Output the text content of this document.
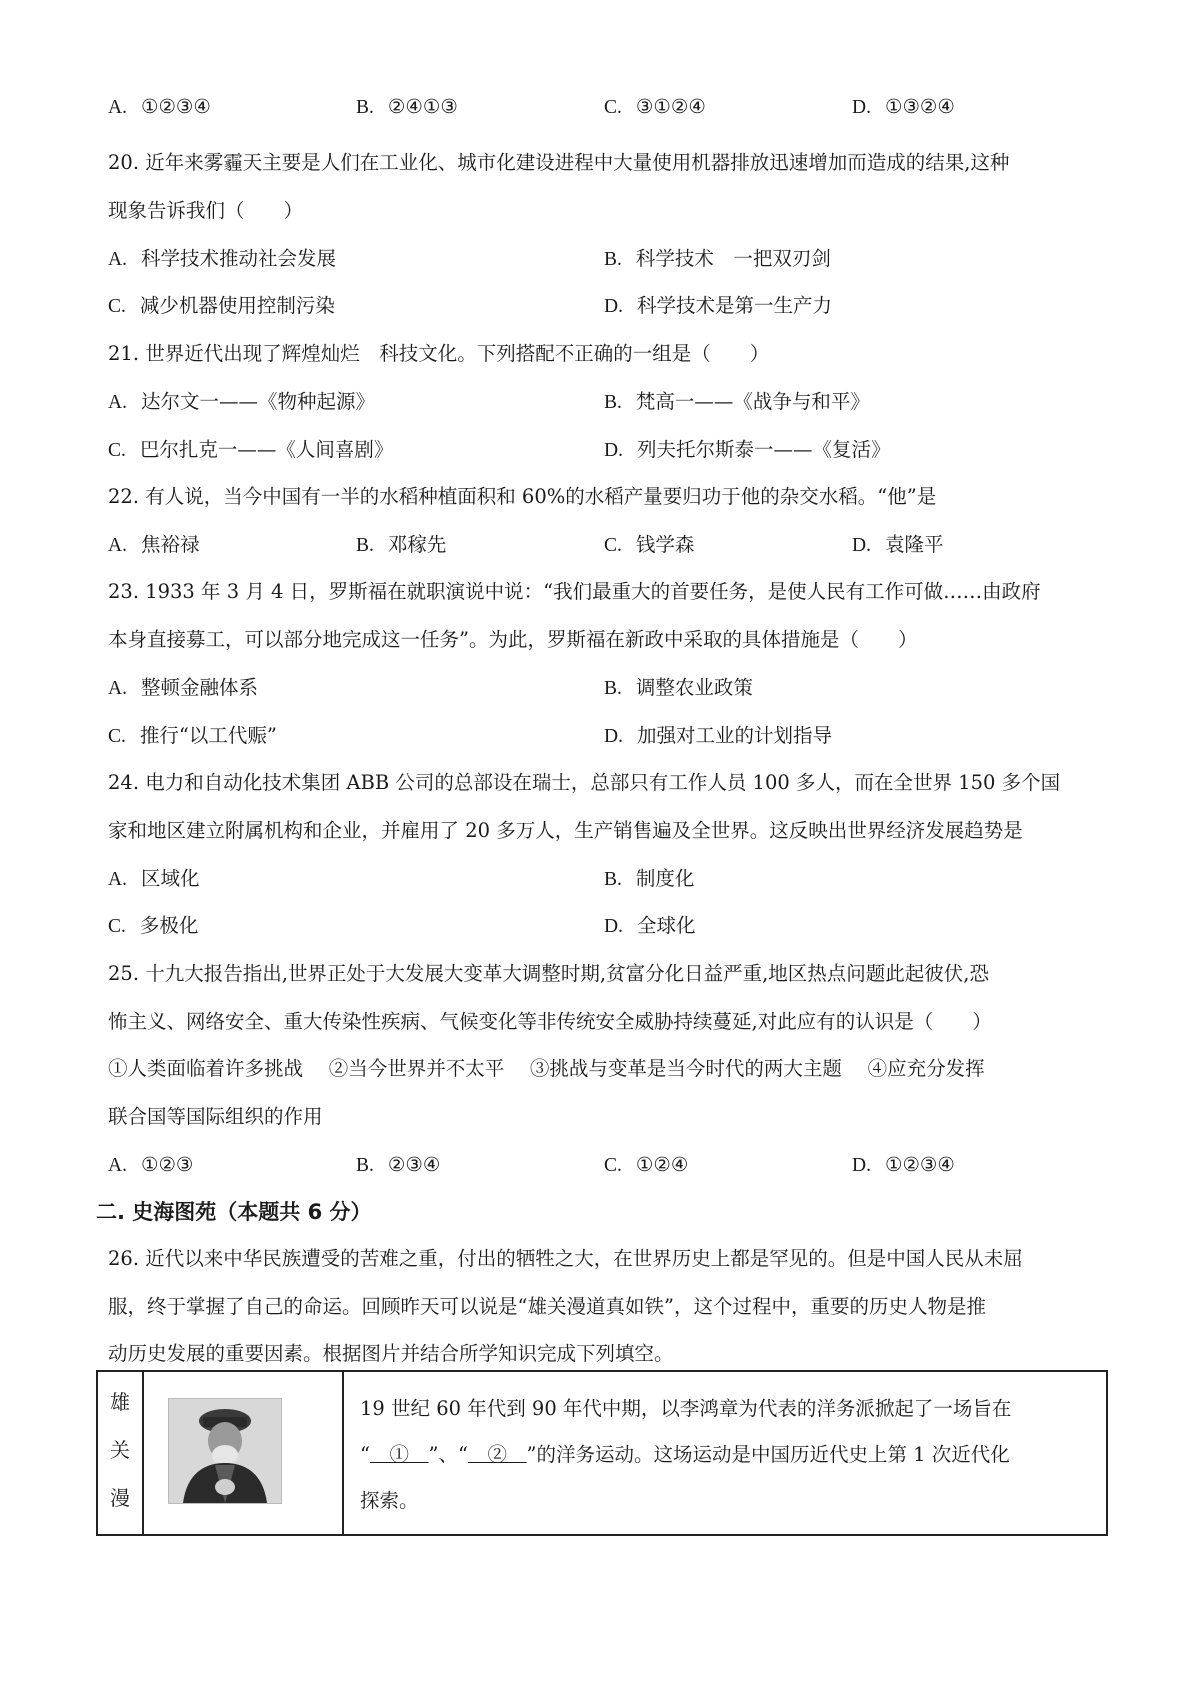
A. ①②③④	B. ②④①③	C. ③①②④	D. ①③②④
20. 近年来雾霾天主要是人们在工业化、城市化建设进程中大量使用机器排放迅速增加而造成的结果,这种
现象告诉我们（　　）
A. 科学技术推动社会发展	B. 科学技术　一把双刃剑
C. 减少机器使用控制污染	D. 科学技术是第一生产力
21. 世界近代出现了辉煌灿烂　科技文化。下列搭配不正确的一组是（　　）
A. 达尔文一——《物种起源》	B. 梵高一——《战争与和平》
C. 巴尔扎克一——《人间喜剧》	D. 列夫托尔斯泰一——《复活》
22. 有人说，当今中国有一半的水稻种植面积和 60%的水稻产量要归功于他的杂交水稻。“他”是
A. 焦裕禄	B. 邓稼先	C. 钱学森	D. 袁隆平
23. 1933 年 3 月 4 日，罗斯福在就职演说中说：“我们最重大的首要任务，是使人民有工作可做……由政府
本身直接募工，可以部分地完成这一任务”。为此，罗斯福在新政中采取的具体措施是（　　）
A. 整顿金融体系	B. 调整农业政策
C. 推行“以工代赈”	D. 加强对工业的计划指导
24. 电力和自动化技术集团 ABB 公司的总部设在瑞士，总部只有工作人员 100 多人，而在全世界 150 多个国
家和地区建立附属机构和企业，并雇用了 20 多万人，生产销售遍及全世界。这反映出世界经济发展趋势是
A. 区域化	B. 制度化
C. 多极化	D. 全球化
25. 十九大报告指出,世界正处于大发展大变革大调整时期,贫富分化日益严重,地区热点问题此起彼伏,恐
怖主义、网络安全、重大传染性疾病、气候变化等非传统安全威胁持续蔓延,对此应有的认识是（　　）
①人类面临着许多挑战　 ②当今世界并不太平　 ③挑战与变革是当今时代的两大主题　 ④应充分发挥
联合国等国际组织的作用
A. ①②③	B. ②③④	C. ①②④	D. ①②③④
二. 史海图苑（本题共 6 分）
26. 近代以来中华民族遭受的苦难之重，付出的牺牲之大，在世界历史上都是罕见的。但是中国人民从未屈
服，终于掌握了自己的命运。回顾昨天可以说是“雄关漫道真如铁”，这个过程中，重要的历史人物是推
动历史发展的重要因素。根据图片并结合所学知识完成下列填空。
雄
关
漫

19 世纪 60 年代到 90 年代中期，以李鸿章为代表的洋务派掀起了一场旨在
“　①　”、“　②　”的洋务运动。这场运动是中国历近代史上第 1 次近代化
探索。
